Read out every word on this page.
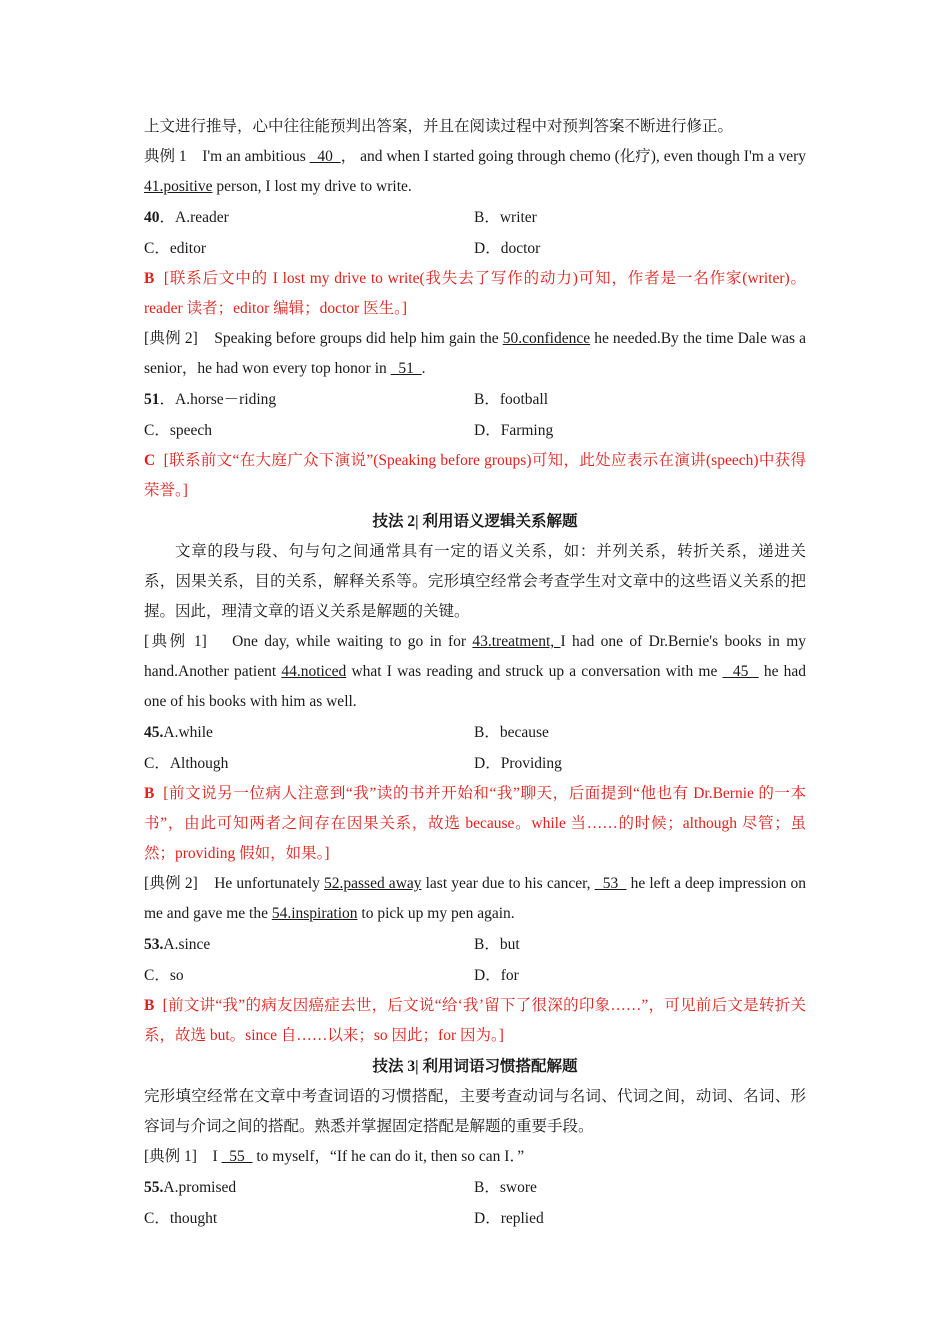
上文进行推导，心中往往能预判出答案，并且在阅读过程中对预判答案不断进行修正。

典例 1 I'm an ambitious   40  ， and when I started going through chemo (化疗), even though I'm a very 41.positive person, I lost my drive to write.

40．A.reader	B．writer
C．editor	D．doctor

B [联系后文中的 I lost my drive to write(我失去了写作的动力)可知，作者是一名作家(writer)。reader 读者；editor 编辑；doctor 医生。]

[典例 2] Speaking before groups did help him gain the 50.confidence he needed.By the time Dale was a senior，he had won every top honor in   51  .

51．A.horse－riding	B．football
C．speech	D．Farming

C [联系前文“在大庭广众下演说”(Speaking before groups)可知，此处应表示在演讲(speech)中获得荣誉。]

技法 2| 利用语义逻辑关系解题

文章的段与段、句与句之间通常具有一定的语义关系，如：并列关系，转折关系，递进关系，因果关系，目的关系，解释关系等。完形填空经常会考查学生对文章中的这些语义关系的把握。因此，理清文章的语义关系是解题的关键。

[典例 1] One day, while waiting to go in for 43.treatment, I had one of Dr.Bernie's books in my hand.Another patient 44.noticed what I was reading and struck up a conversation with me   45   he had one of his books with him as well.

45.A.while	B．because
C．Although	D．Providing

B [前文说另一位病人注意到“我”读的书并开始和“我”聊天，后面提到“他也有 Dr.Bernie 的一本书”，由此可知两者之间存在因果关系，故选 because。while 当……的时候；although 尽管；虽然；providing 假如，如果。]

[典例 2] He unfortunately 52.passed away last year due to his cancer,   53   he left a deep impression on me and gave me the 54.inspiration to pick up my pen again.

53.A.since	B．but
C．so	D．for

B [前文讲“我”的病友因癌症去世，后文说“给‘我’留下了很深的印象……”，可见前后文是转折关系，故选 but。since 自……以来；so 因此；for 因为。]

技法 3| 利用词语习惯搭配解题

完形填空经常在文章中考查词语的习惯搭配，主要考查动词与名词、代词之间，动词、名词、形容词与介词之间的搭配。熟悉并掌握固定搭配是解题的重要手段。

[典例 1] I   55   to myself，“If he can do it, then so can I．”

55.A.promised	B．swore
C．thought	D．replied
